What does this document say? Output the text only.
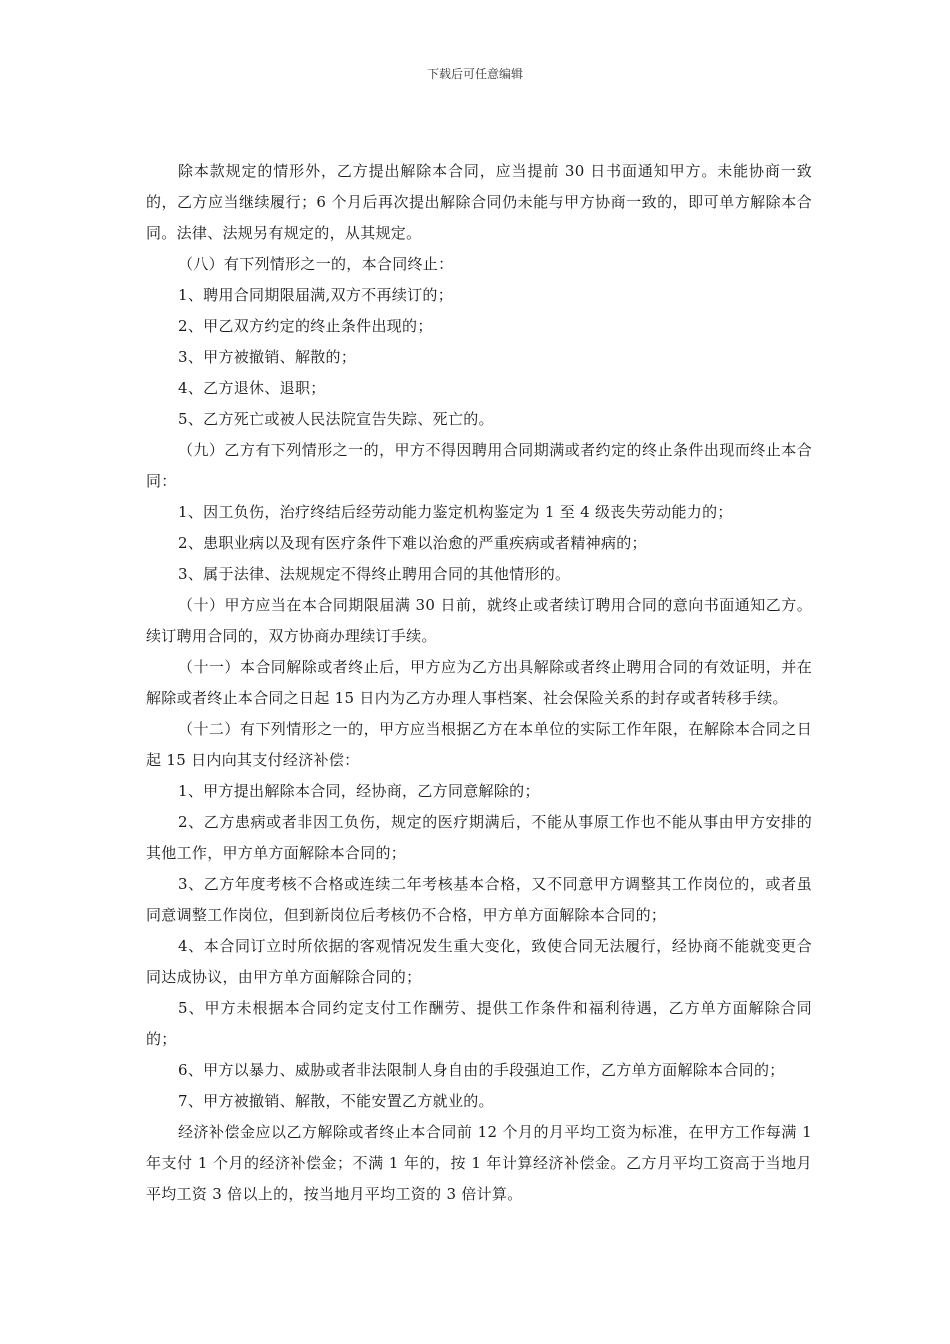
下载后可任意编辑

除本款规定的情形外，乙方提出解除本合同，应当提前 30 日书面通知甲方。未能协商一致的，乙方应当继续履行；6 个月后再次提出解除合同仍未能与甲方协商一致的，即可单方解除本合同。法律、法规另有规定的，从其规定。

（八）有下列情形之一的，本合同终止：

1、聘用合同期限届满,双方不再续订的；

2、甲乙双方约定的终止条件出现的；

3、甲方被撤销、解散的；

4、乙方退休、退职；

5、乙方死亡或被人民法院宣告失踪、死亡的。

（九）乙方有下列情形之一的，甲方不得因聘用合同期满或者约定的终止条件出现而终止本合同：

1、因工负伤，治疗终结后经劳动能力鉴定机构鉴定为 1 至 4 级丧失劳动能力的；

2、患职业病以及现有医疗条件下难以治愈的严重疾病或者精神病的；

3、属于法律、法规规定不得终止聘用合同的其他情形的。

（十）甲方应当在本合同期限届满 30 日前，就终止或者续订聘用合同的意向书面通知乙方。续订聘用合同的，双方协商办理续订手续。

（十一）本合同解除或者终止后，甲方应为乙方出具解除或者终止聘用合同的有效证明，并在解除或者终止本合同之日起 15 日内为乙方办理人事档案、社会保险关系的封存或者转移手续。

（十二）有下列情形之一的，甲方应当根据乙方在本单位的实际工作年限，在解除本合同之日起 15 日内向其支付经济补偿：

1、甲方提出解除本合同，经协商，乙方同意解除的；

2、乙方患病或者非因工负伤，规定的医疗期满后，不能从事原工作也不能从事由甲方安排的其他工作，甲方单方面解除本合同的；

3、乙方年度考核不合格或连续二年考核基本合格，又不同意甲方调整其工作岗位的，或者虽同意调整工作岗位，但到新岗位后考核仍不合格，甲方单方面解除本合同的；

4、本合同订立时所依据的客观情况发生重大变化，致使合同无法履行，经协商不能就变更合同达成协议，由甲方单方面解除合同的；

5、甲方未根据本合同约定支付工作酬劳、提供工作条件和福利待遇，乙方单方面解除合同的；

6、甲方以暴力、威胁或者非法限制人身自由的手段强迫工作，乙方单方面解除本合同的；

7、甲方被撤销、解散，不能安置乙方就业的。

经济补偿金应以乙方解除或者终止本合同前 12 个月的月平均工资为标准，在甲方工作每满 1 年支付 1 个月的经济补偿金；不满 1 年的，按 1 年计算经济补偿金。乙方月平均工资高于当地月平均工资 3 倍以上的，按当地月平均工资的 3 倍计算。
